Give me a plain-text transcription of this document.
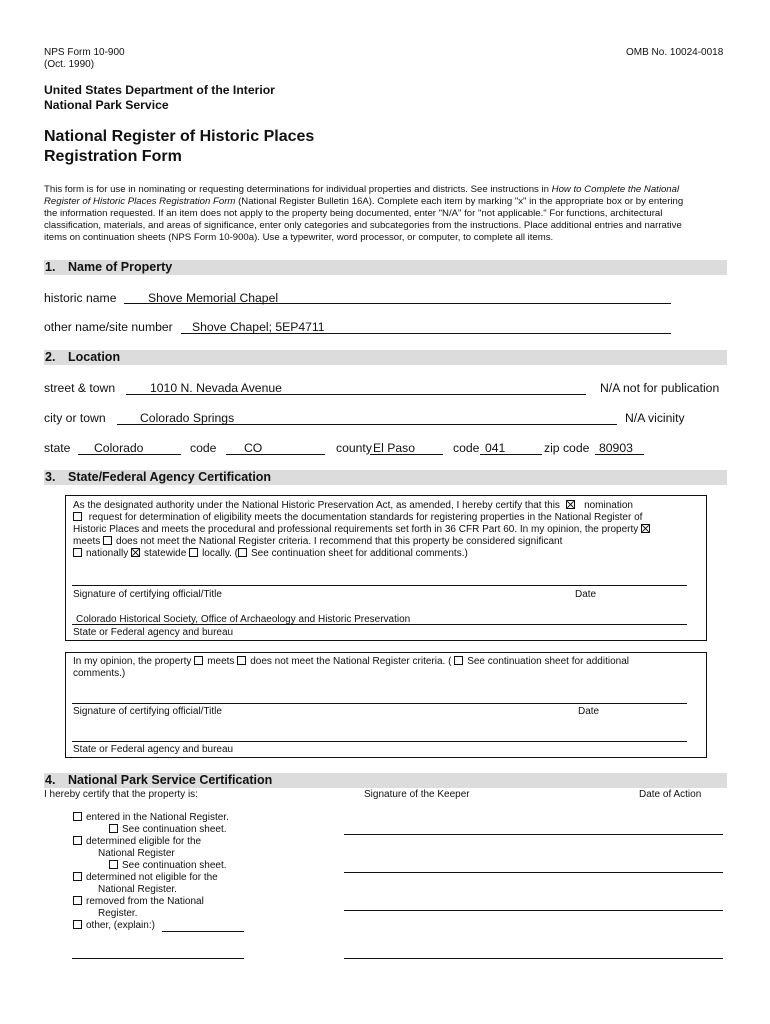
NPS Form 10-900
(Oct. 1990)
OMB No. 10024-0018
United States Department of the Interior
National Park Service
National Register of Historic Places
Registration Form
This form is for use in nominating or requesting determinations for individual properties and districts. See instructions in How to Complete the National
Register of Historic Places Registration Form (National Register Bulletin 16A). Complete each item by marking "x" in the appropriate box or by entering
the information requested. If an item does not apply to the property being documented, enter "N/A" for "not applicable." For functions, architectural
classification, materials, and areas of significance, enter only categories and subcategories from the instructions. Place additional entries and narrative
items on continuation sheets (NPS Form 10-900a). Use a typewriter, word processor, or computer, to complete all items.
1. Name of Property
historic name	Shove Memorial Chapel
other name/site number Shove Chapel; 5EP4711
2. Location
street & town	1010 N. Nevada Avenue	N/A not for publication
city or town	Colorado Springs	N/A vicinity
state Colorado	code CO	county El Paso	code 041	zip code 80903
3. State/Federal Agency Certification
As the designated authority under the National Historic Preservation Act, as amended, I hereby certify that this nomination
request for determination of eligibility meets the documentation standards for registering properties in the National Register of
Historic Places and meets the procedural and professional requirements set forth in 36 CFR Part 60. In my opinion, the property
meets does not meet the National Register criteria. I recommend that this property be considered significant
nationally statewide locally. ( See continuation sheet for additional comments.)
Signature of certifying official/Title	Date
Colorado Historical Society, Office of Archaeology and Historic Preservation
State or Federal agency and bureau
In my opinion, the property meets does not meet the National Register criteria. ( See continuation sheet for additional
comments.)
Signature of certifying official/Title	Date
State or Federal agency and bureau
4. National Park Service Certification
I hereby certify that the property is:	Signature of the Keeper	Date of Action
entered in the National Register.
See continuation sheet.
determined eligible for the
National Register
See continuation sheet.
determined not eligible for the
National Register.
removed from the National
Register.
other, (explain:)
